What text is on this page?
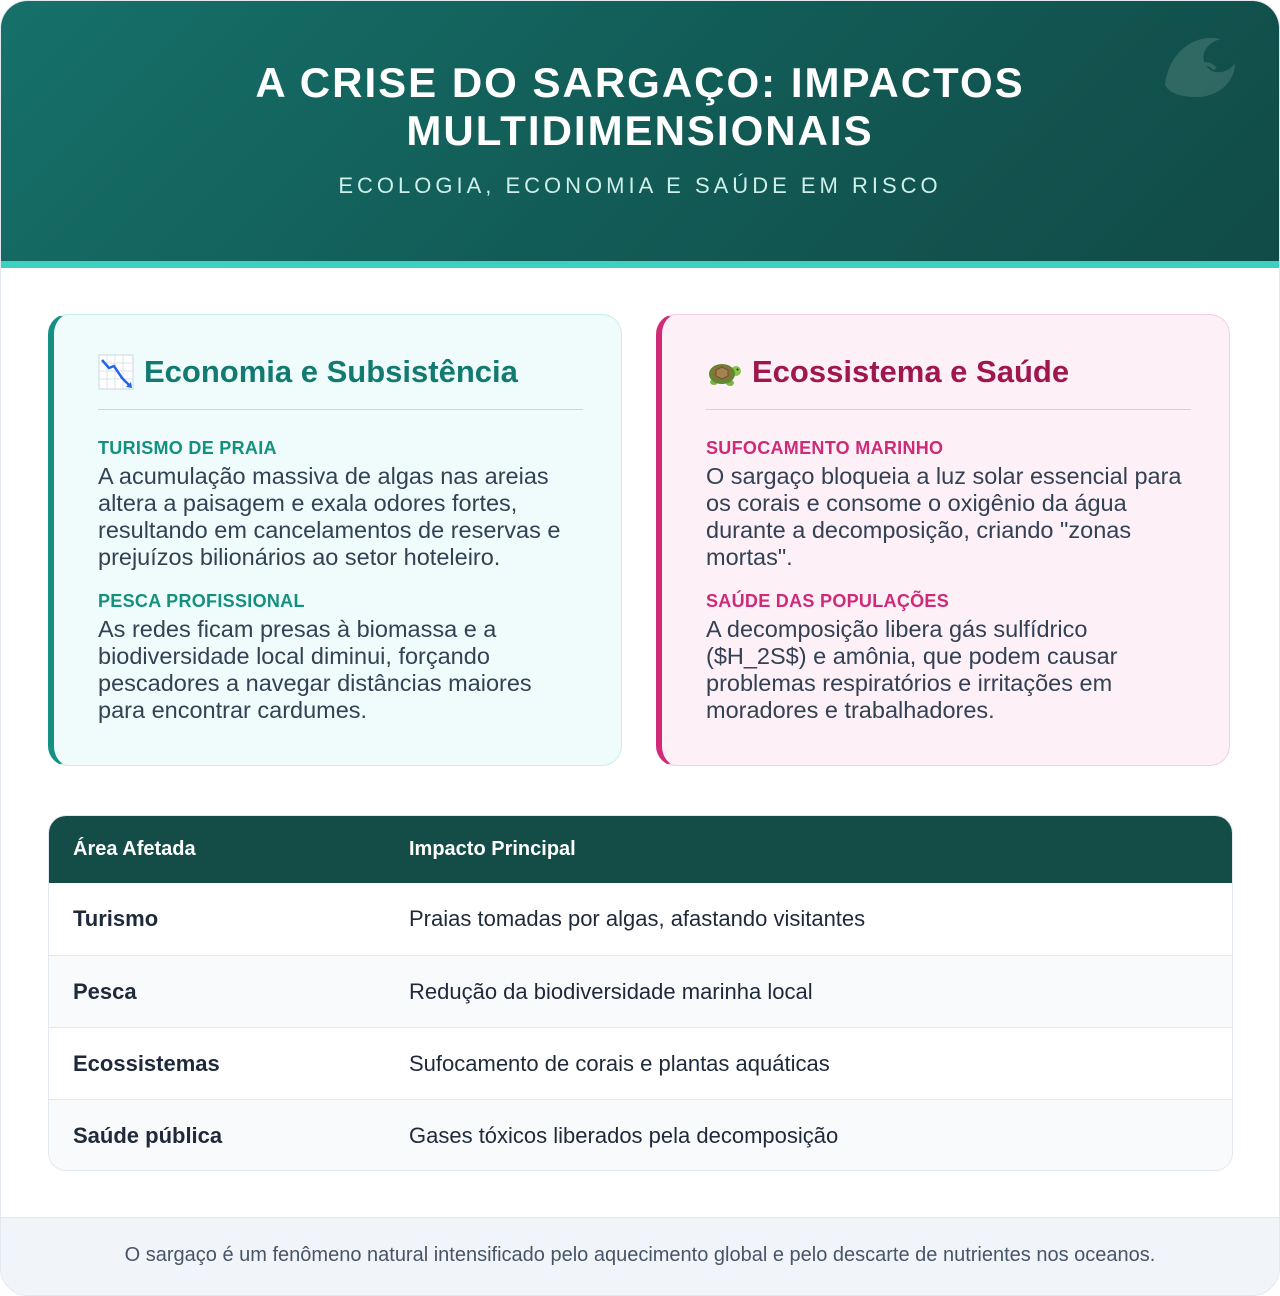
A CRISE DO SARGAÇO: IMPACTOS
MULTIDIMENSIONAIS

ECOLOGIA, ECONOMIA E SAÚDE EM RISCO

Economia e Subsistência
TURISMO DE PRAIA
A acumulação massiva de algas nas areias altera a paisagem e exala odores fortes, resultando em cancelamentos de reservas e prejuízos bilionários ao setor hoteleiro.
PESCA PROFISSIONAL
As redes ficam presas à biomassa e a biodiversidade local diminui, forçando pescadores a navegar distâncias maiores para encontrar cardumes.
Ecossistema e Saúde
SUFOCAMENTO MARINHO
O sargaço bloqueia a luz solar essencial para os corais e consome o oxigênio da água durante a decomposição, criando "zonas mortas".
SAÚDE DAS POPULAÇÕES
A decomposição libera gás sulfídrico ($H_2S$) e amônia, que podem causar problemas respiratórios e irritações em moradores e trabalhadores.
Área Afetada	Impacto Principal
Turismo	Praias tomadas por algas, afastando visitantes
Pesca	Redução da biodiversidade marinha local
Ecossistemas	Sufocamento de corais e plantas aquáticas
Saúde pública	Gases tóxicos liberados pela decomposição
O sargaço é um fenômeno natural intensificado pelo aquecimento global e pelo descarte de nutrientes nos oceanos.
